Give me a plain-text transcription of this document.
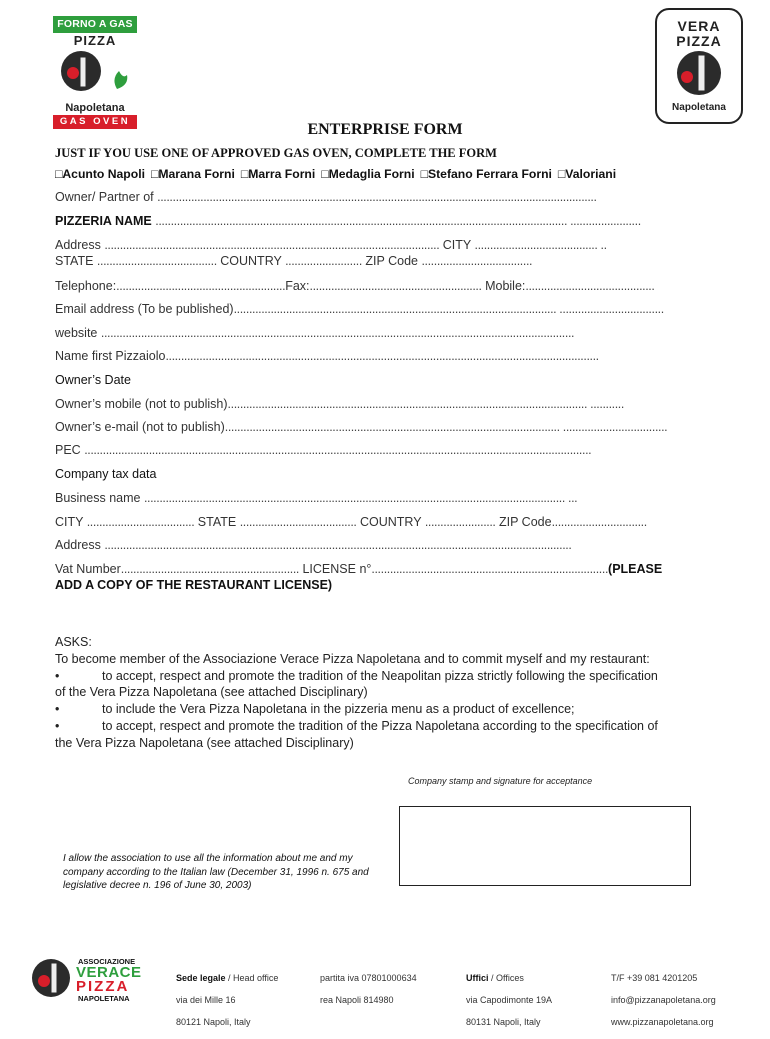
FORNO A GAS
PIZZA
Napoletana
GAS OVEN
VERA
PIZZA
Napoletana
ENTERPRISE FORM
JUST IF YOU USE ONE OF APPROVED GAS OVEN, COMPLETE THE FORM
□Acunto Napoli □Marana Forni □Marra Forni □Medaglia Forni □Stefano Ferrara Forni □Valoriani
Owner/ Partner of ...............................................................................................................................................
PIZZERIA NAME ...................................................................................................................................... .......................
Address ............................................................................................................. CITY ........................................ ..
STATE ....................................... COUNTRY ......................... ZIP Code ....................................
Telephone:.......................................................Fax:........................................................ Mobile:..........................................
Email address (To be published)......................................................................................................... ..................................
website ..........................................................................................................................................................
Name first Pizzaiolo.............................................................................................................................................
Owner’s Date
Owner’s mobile (not to publish)..................................................................................................................... ...........
Owner’s e-mail (not to publish)............................................................................................................. ..................................
PEC .....................................................................................................................................................................
Company tax data
Business name ......................................................................................................................................... ...
CITY ................................... STATE ...................................... COUNTRY ....................... ZIP Code...............................
Address ........................................................................................................................................................
Vat Number.......................................................... LICENSE n°.............................................................................(PLEASE
ADD A COPY OF THE RESTAURANT LICENSE)
ASKS:
To become member of the Associazione Verace Pizza Napoletana and to commit myself and my restaurant:
•	to accept, respect and promote the tradition of the Neapolitan pizza strictly following the specification
of the Vera Pizza Napoletana (see attached Disciplinary)
•	to include the Vera Pizza Napoletana in the pizzeria menu as a product of excellence;
•	to accept, respect and promote the tradition of the Pizza Napoletana according to the specification of
the Vera Pizza Napoletana (see attached Disciplinary)
Company stamp and signature for acceptance
I allow the association to use all the information about me and my company according to the Italian law (December 31, 1996 n. 675 and legislative decree n. 196 of June 30, 2003)
ASSOCIAZIONE
VERACE
PIZZA
NAPOLETANA

Sede legale / Head office

via dei Mille 16

80121 Napoli, Italy

partita iva 07801000634

rea Napoli 814980

Uffici / Offices

via Capodimonte 19A

80131 Napoli, Italy

T/F +39 081 4201205

info@pizzanapoletana.org

www.pizzanapoletana.org
